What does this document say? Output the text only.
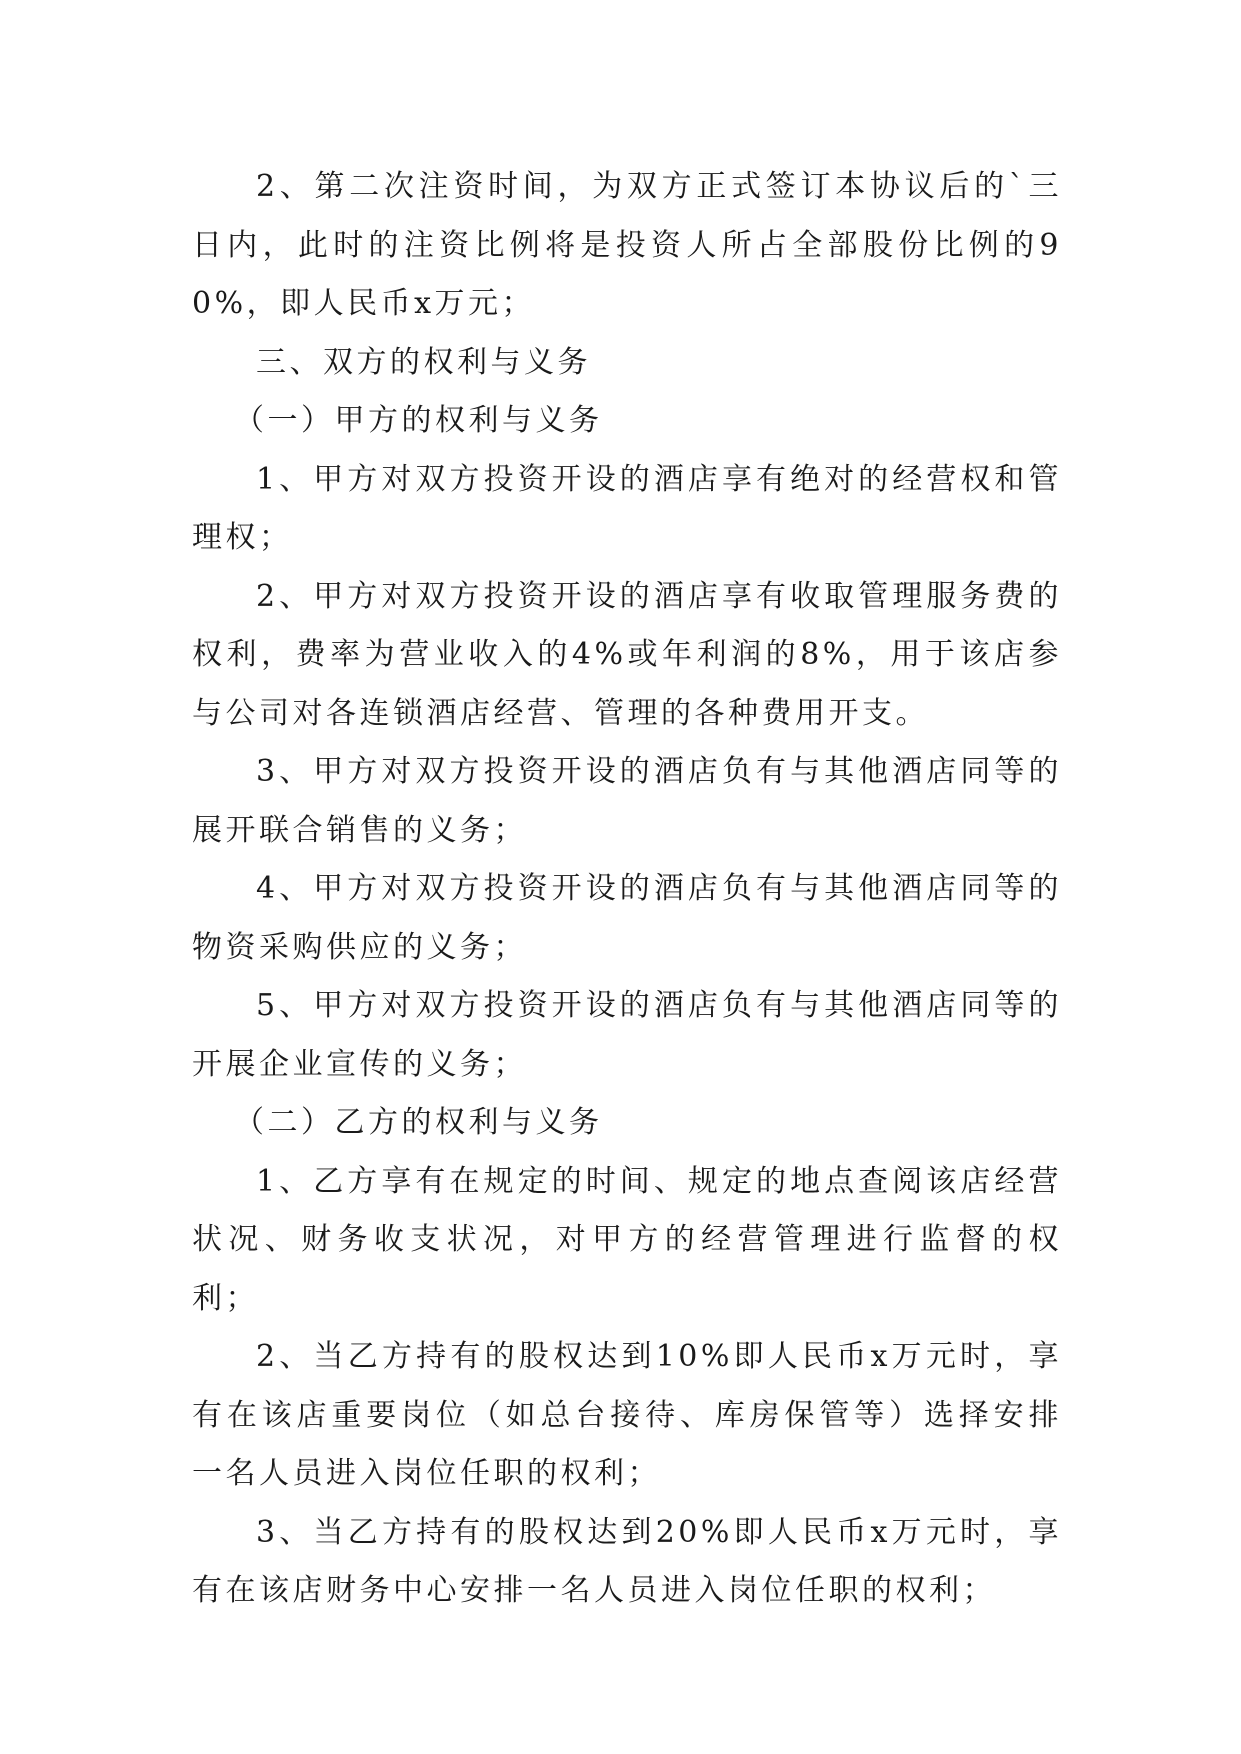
2、第二次注资时间，为双方正式签订本协议后的`三日内，此时的注资比例将是投资人所占全部股份比例的90%，即人民币x万元；

三、双方的权利与义务

（一）甲方的权利与义务

1、甲方对双方投资开设的酒店享有绝对的经营权和管理权；

2、甲方对双方投资开设的酒店享有收取管理服务费的权利，费率为营业收入的4%或年利润的8%，用于该店参与公司对各连锁酒店经营、管理的各种费用开支。

3、甲方对双方投资开设的酒店负有与其他酒店同等的展开联合销售的义务；

4、甲方对双方投资开设的酒店负有与其他酒店同等的物资采购供应的义务；

5、甲方对双方投资开设的酒店负有与其他酒店同等的开展企业宣传的义务；

（二）乙方的权利与义务

1、乙方享有在规定的时间、规定的地点查阅该店经营状况、财务收支状况，对甲方的经营管理进行监督的权利；

2、当乙方持有的股权达到10%即人民币x万元时，享有在该店重要岗位（如总台接待、库房保管等）选择安排一名人员进入岗位任职的权利；

3、当乙方持有的股权达到20%即人民币x万元时，享有在该店财务中心安排一名人员进入岗位任职的权利；
